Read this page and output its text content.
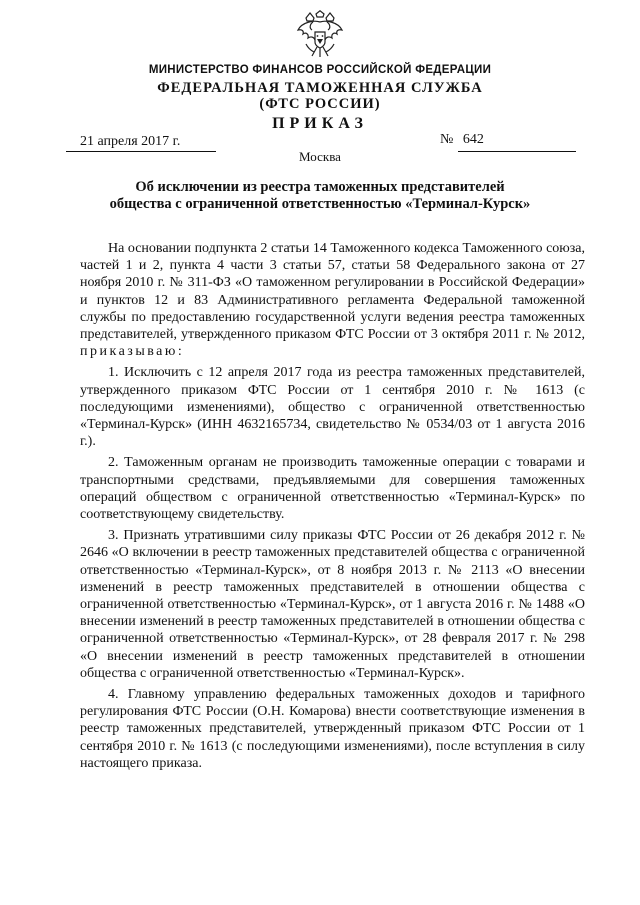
МИНИСТЕРСТВО ФИНАНСОВ РОССИЙСКОЙ ФЕДЕРАЦИИ
ФЕДЕРАЛЬНАЯ ТАМОЖЕННАЯ СЛУЖБА
(ФТС РОССИИ)
ПРИКАЗ
21 апреля 2017 г.	№ 642
Москва
Об исключении из реестра таможенных представителей
общества с ограниченной ответственностью «Терминал-Курск»

На основании подпункта 2 статьи 14 Таможенного кодекса Таможенного союза, частей 1 и 2, пункта 4 части 3 статьи 57, статьи 58 Федерального закона от 27 ноября 2010 г. № 311-ФЗ «О таможенном регулировании в Российской Федерации» и пунктов 12 и 83 Административного регламента Федеральной таможенной службы по предоставлению государственной услуги ведения реестра таможенных представителей, утвержденного приказом ФТС России от 3 октября 2011 г. № 2012, приказываю:

1. Исключить с 12 апреля 2017 года из реестра таможенных представителей, утвержденного приказом ФТС России от 1 сентября 2010 г. № 1613 (с последующими изменениями), общество с ограниченной ответственностью «Терминал-Курск» (ИНН 4632165734, свидетельство № 0534/03 от 1 августа 2016 г.).

2. Таможенным органам не производить таможенные операции с товарами и транспортными средствами, предъявляемыми для совершения таможенных операций обществом с ограниченной ответственностью «Терминал-Курск» по соответствующему свидетельству.

3. Признать утратившими силу приказы ФТС России от 26 декабря 2012 г. № 2646 «О включении в реестр таможенных представителей общества с ограниченной ответственностью «Терминал-Курск», от 8 ноября 2013 г. № 2113 «О внесении изменений в реестр таможенных представителей в отношении общества с ограниченной ответственностью «Терминал-Курск», от 1 августа 2016 г. № 1488 «О внесении изменений в реестр таможенных представителей в отношении общества с ограниченной ответственностью «Терминал-Курск», от 28 февраля 2017 г. № 298 «О внесении изменений в реестр таможенных представителей в отношении общества с ограниченной ответственностью «Терминал-Курск».

4. Главному управлению федеральных таможенных доходов и тарифного регулирования ФТС России (О.Н. Комарова) внести соответствующие изменения в реестр таможенных представителей, утвержденный приказом ФТС России от 1 сентября 2010 г. № 1613 (с последующими изменениями), после вступления в силу настоящего приказа.
